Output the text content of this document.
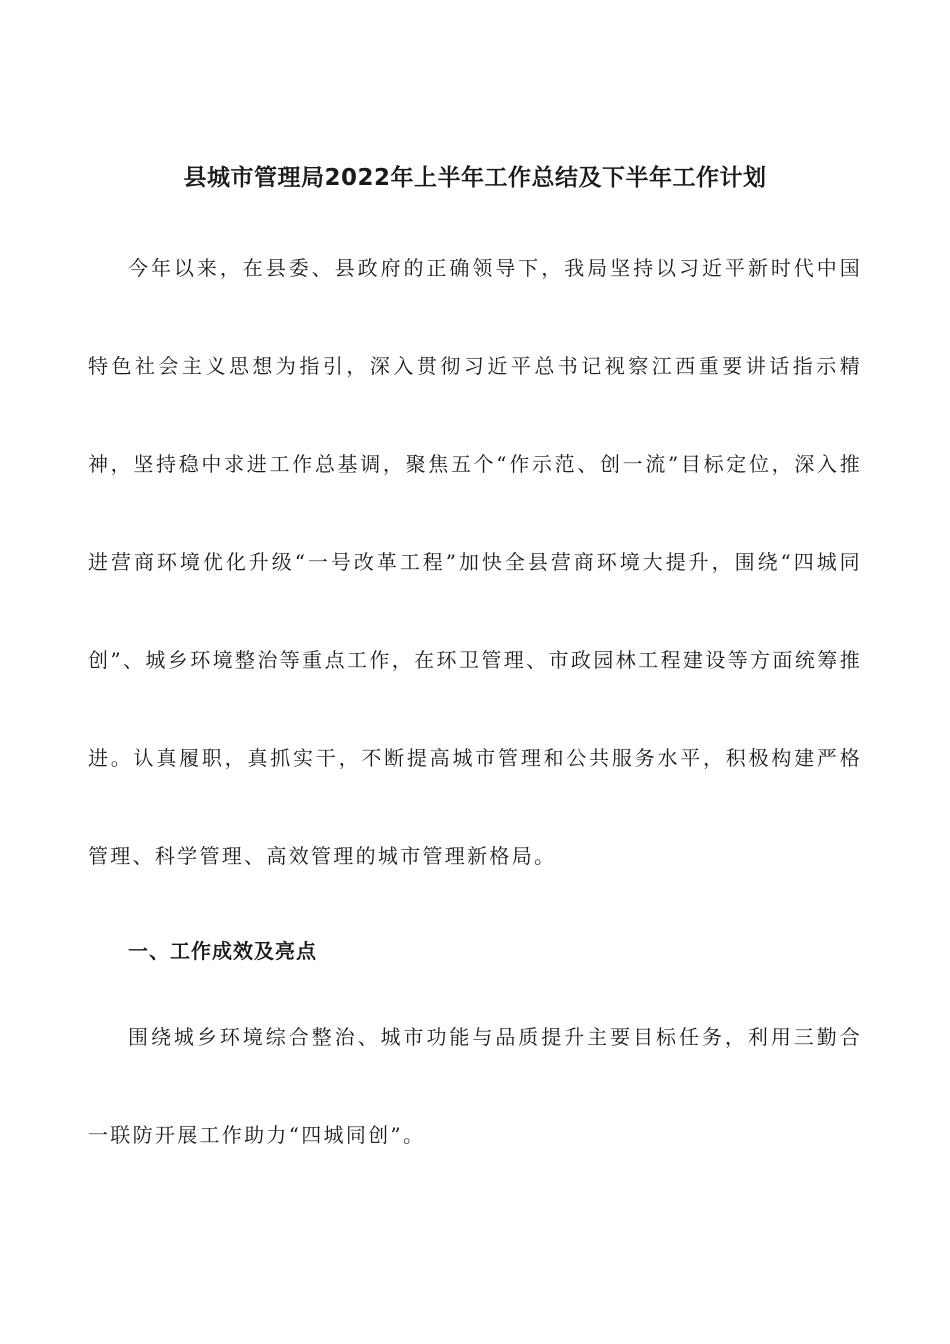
县城市管理局2022年上半年工作总结及下半年工作计划

今年以来，在县委、县政府的正确领导下，我局坚持以习近平新时代中国特色社会主义思想为指引，深入贯彻习近平总书记视察江西重要讲话指示精神，坚持稳中求进工作总基调，聚焦五个“作示范、创一流”目标定位，深入推进营商环境优化升级“一号改革工程”加快全县营商环境大提升，围绕“四城同创”、城乡环境整治等重点工作，在环卫管理、市政园林工程建设等方面统筹推进。认真履职，真抓实干，不断提高城市管理和公共服务水平，积极构建严格管理、科学管理、高效管理的城市管理新格局。

一、工作成效及亮点

围绕城乡环境综合整治、城市功能与品质提升主要目标任务，利用三勤合一联防开展工作助力“四城同创”。
